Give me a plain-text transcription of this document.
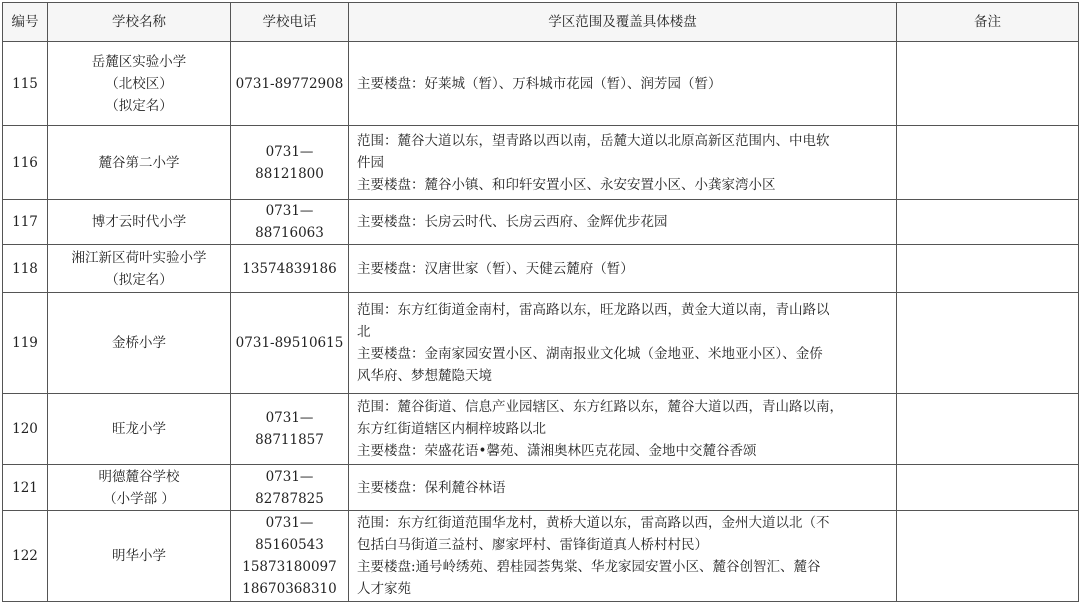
编号	学校名称	学校电话	学区范围及覆盖具体楼盘	备注
115	岳麓区实验小学
（北校区）
（拟定名）	0731-89772908	主要楼盘：好莱城（暂）、万科城市花园（暂）、润芳园（暂）	

116	麓谷第二小学	0731—88121800	范围：麓谷大道以东，望青路以西以南，岳麓大道以北原高新区范围内、中电软
件园
主要楼盘：麓谷小镇、和印轩安置小区、永安安置小区、小龚家湾小区	

117	博才云时代小学	0731—88716063	主要楼盘：长房云时代、长房云西府、金辉优步花园	

118	湘江新区荷叶实验小学
（拟定名）	13574839186	主要楼盘：汉唐世家（暂）、天健云麓府（暂）	

119	金桥小学	0731-89510615	范围：东方红街道金南村，雷高路以东，旺龙路以西，黄金大道以南，青山路以
北
主要楼盘：金南家园安置小区、湖南报业文化城（金地亚、米地亚小区）、金侨
风华府、梦想麓隐天境	

120	旺龙小学	0731—88711857	范围：麓谷街道、信息产业园辖区、东方红路以东，麓谷大道以西，青山路以南，
东方红街道辖区内桐梓坡路以北
主要楼盘：荣盛花语•馨苑、潇湘奥林匹克花园、金地中交麓谷香颂	

121	明德麓谷学校
（小学部 ）	0731—82787825	主要楼盘：保利麓谷林语	

122	明华小学	0731—85160543
15873180097
18670368310	范围：东方红街道范围华龙村，黄桥大道以东，雷高路以西，金州大道以北（不
包括白马街道三益村、廖家坪村、雷锋街道真人桥村村民）
主要楼盘:通号岭绣苑、碧桂园荟隽棠、华龙家园安置小区、麓谷创智汇、麓谷
人才家苑	
